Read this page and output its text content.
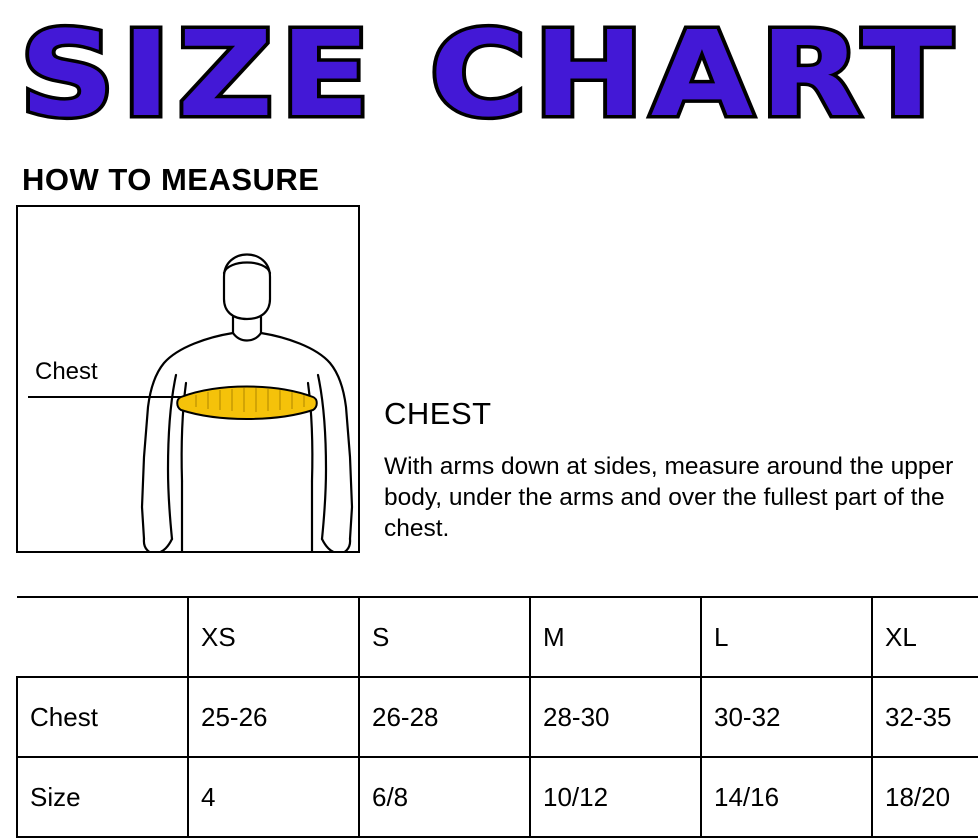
SIZE CHART
HOW TO MEASURE
Chest
CHEST
With arms down at sides, measure around the upper body, under the arms and over the fullest part of the chest.
	XS	S	M	L	XL
Chest	25-26	26-28	28-30	30-32	32-35
Size	4	6/8	10/12	14/16	18/20
